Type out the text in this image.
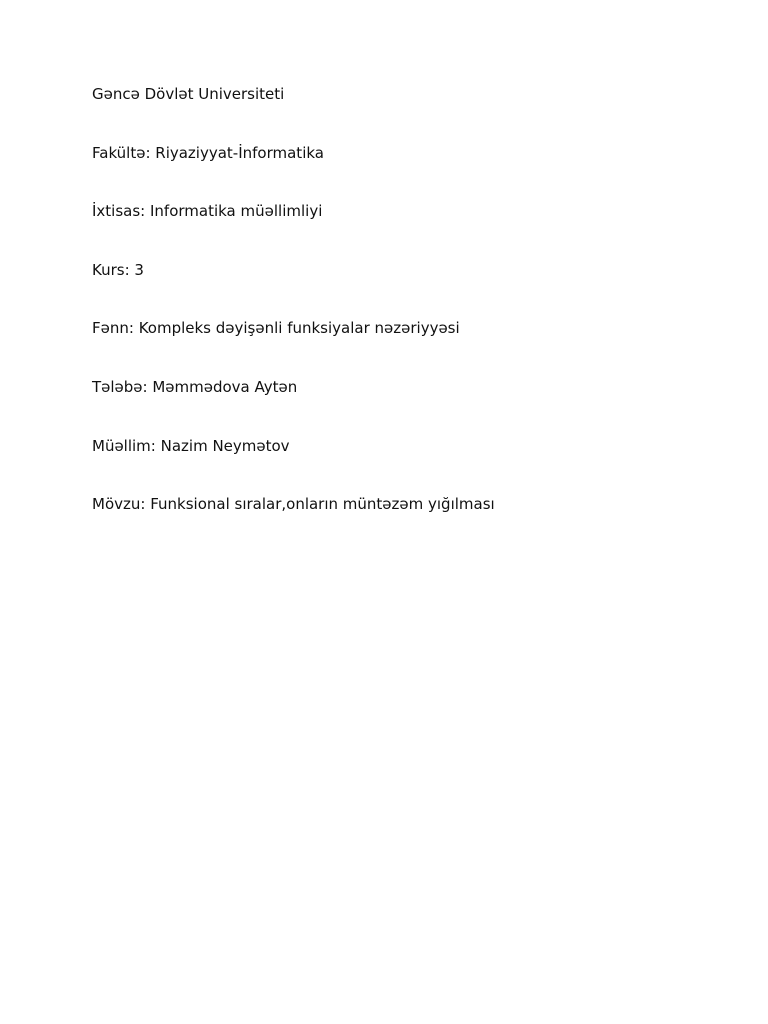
Gəncə Dövlət Universiteti
Fakültə: Riyaziyyat-İnformatika
İxtisas: Informatika müəllimliyi
Kurs: 3
Fənn: Kompleks dəyişənli funksiyalar nəzəriyyəsi
Tələbə: Məmmədova Aytən
Müəllim: Nazim Neymətov
Mövzu: Funksional sıralar,onların müntəzəm yığılması
